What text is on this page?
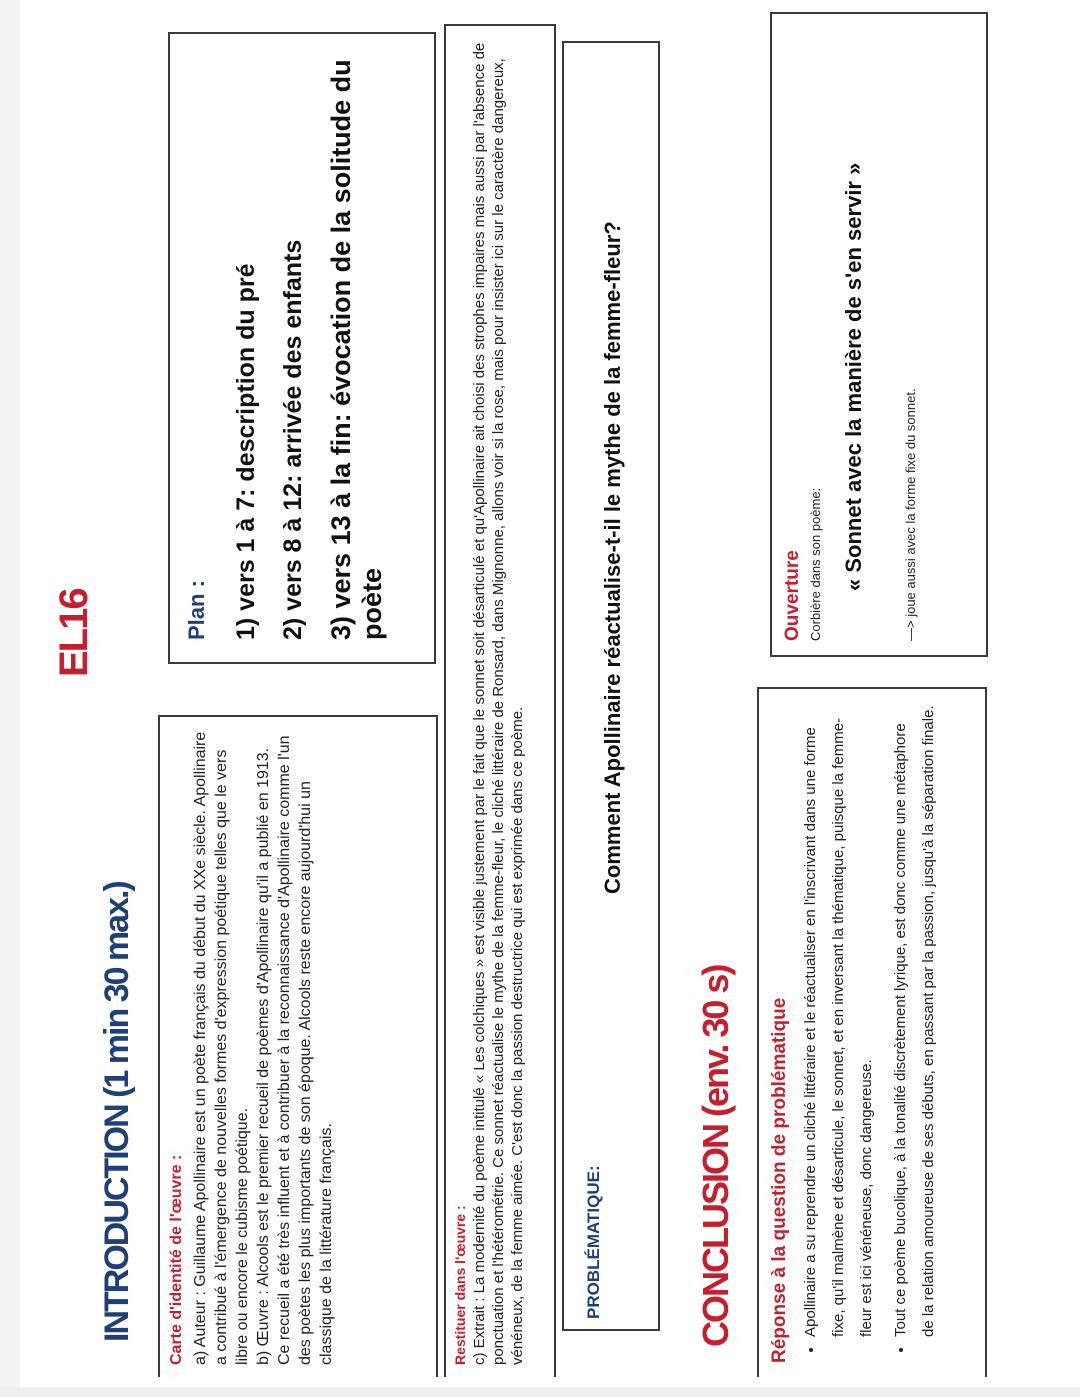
EL16
INTRODUCTION (1 min 30 max.) Carte d'identité de l'œuvre : a) Auteur : Guillaume Apollinaire est un poète français du début du XXe siècle. Apollinaire a contribué à l'émergence de nouvelles formes d'expression poétique telles que le vers libre ou encore le cubisme poétique. b) Œuvre : Alcools est le premier recueil de poèmes d'Apollinaire qu'il a publié en 1913. Ce recueil a été très influent et à contribuer à la reconnaissance d'Apollinaire comme l'un des poètes les plus importants de son époque. Alcools reste encore aujourd'hui un classique de la littérature français.
Plan : 1) vers 1 à 7: description du pré 2) vers 8 à 12: arrivée des enfants 3) vers 13 à la fin: évocation de la solitude du poète
Restituer dans l'œuvre : c) Extrait : La modernité du poème intitulé « Les colchiques » est visible justement par le fait que le sonnet soit désarticulé et qu'Apollinaire ait choisi des strophes impaires mais aussi par l'absence de ponctuation et l'hétérométrie. Ce sonnet réactualise le mythe de la femme-fleur, le cliché littéraire de Ronsard, dans Mignonne, allons voir si la rose, mais pour insister ici sur le caractère dangereux, vénéneux, de la femme aimée. C'est donc la passion destructrice qui est exprimée dans ce poème.	PROBLÉMATIQUE:
Comment Apollinaire réactualise-t-il le mythe de la femme-fleur?
CONCLUSION (env. 30 s) Réponse à la question de problématique • Apollinaire a su reprendre un cliché littéraire et le réactualiser en l'inscrivant dans une forme fixe, qu'il malmène et désarticule, le sonnet, et en inversant la thématique, puisque la femme-fleur est ici vénéneuse, donc dangereuse.	• Tout ce poème bucolique, à la tonalité discrètement lyrique, est donc comme une métaphore de la relation amoureuse de ses débuts, en passant par la passion, jusqu'à la séparation finale.
Ouverture Corbière dans son poème: « Sonnet avec la manière de s'en servir »	—> joue aussi avec la forme fixe du sonnet.
